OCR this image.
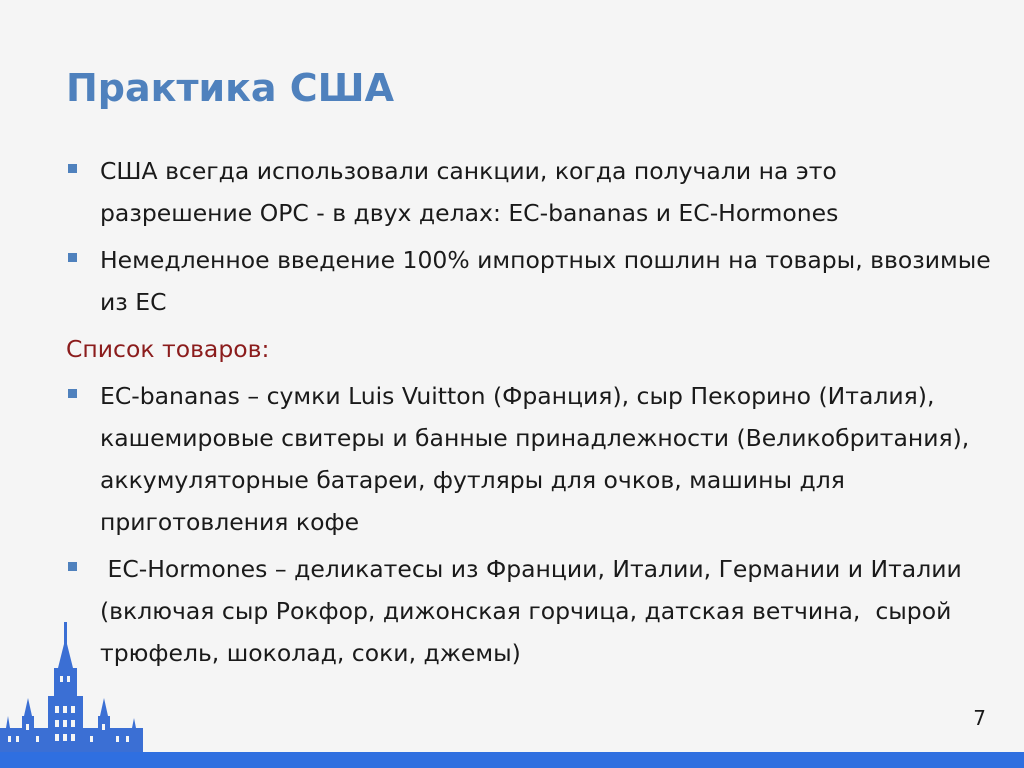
Практика США
США всегда использовали санкции, когда получали на это разрешение ОРС - в двух делах: ЕС-bananas и ЕС-Hormones
Немедленное введение 100% импортных пошлин на товары, ввозимые из ЕС
Список товаров:
ЕС-bananas – сумки Luis Vuitton (Франция), сыр Пекорино (Италия), кашемировые свитеры и банные принадлежности (Великобритания), аккумуляторные батареи, футляры для очков, машины для приготовления кофе
ЕС-Hormones – деликатесы из Франции, Италии, Германии и Италии (включая сыр Рокфор, дижонская горчица, датская ветчина,  сырой трюфель, шоколад, соки, джемы)
7
